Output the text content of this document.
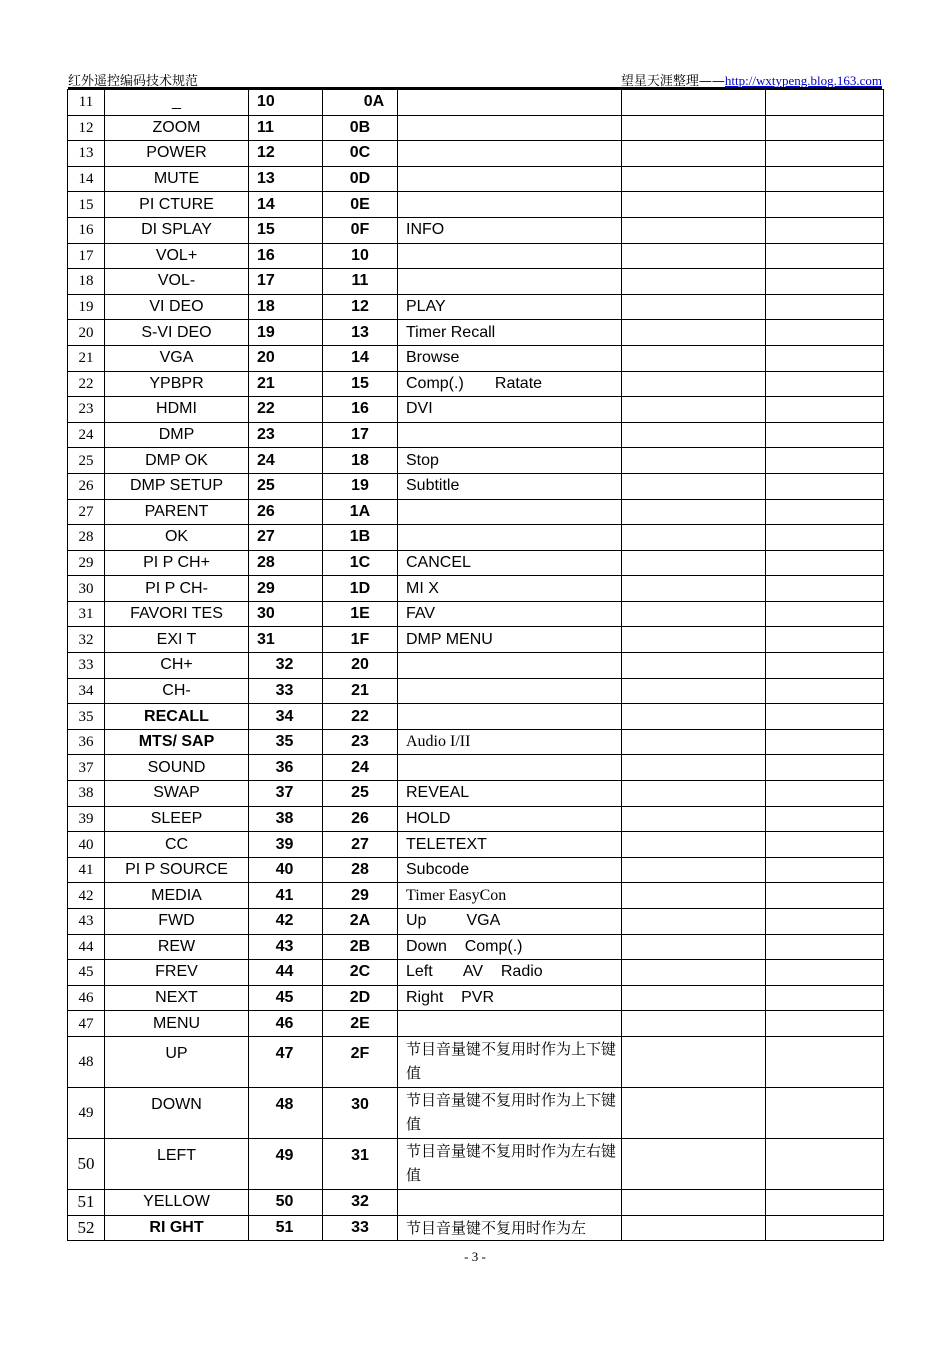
红外遥控编码技术规范	望星天涯整理——http://wxtypeng.blog.163.com
11	_	10	0A			
12	ZOOM	11	0B			
13	POWER	12	0C			
14	MUTE	13	0D			
15	PI CTURE	14	0E			
16	DI SPLAY	15	0F	INFO		
17	VOL+	16	10			
18	VOL-	17	11			
19	VI DEO	18	12	PLAY		
20	S-VI DEO	19	13	Timer Recall		
21	VGA	20	14	Browse		
22	YPBPR	21	15	Comp(.)       Ratate		
23	HDMI	22	16	DVI		
24	DMP	23	17			
25	DMP OK	24	18	Stop		
26	DMP SETUP	25	19	Subtitle		
27	PARENT	26	1A			
28	OK	27	1B			
29	PI P CH+	28	1C	CANCEL		
30	PI P CH-	29	1D	MI X		
31	FAVORI TES	30	1E	FAV		
32	EXI T	31	1F	DMP MENU		
33	CH+	32	20			
34	CH-	33	21			
35	RECALL	34	22			
36	MTS/ SAP	35	23	Audio I/II		
37	SOUND	36	24			
38	SWAP	37	25	REVEAL		
39	SLEEP	38	26	HOLD		
40	CC	39	27	TELETEXT		
41	PI P SOURCE	40	28	Subcode		
42	MEDIA	41	29	Timer EasyCon		
43	FWD	42	2A	Up         VGA		
44	REW	43	2B	Down    Comp(.)		
45	FREV	44	2C	Left       AV    Radio		
46	NEXT	45	2D	Right    PVR		
47	MENU	46	2E			
48	UP	47	2F	节目音量键不复用时作为上下键值		
49	DOWN	48	30	节目音量键不复用时作为上下键值		
50	LEFT	49	31	节目音量键不复用时作为左右键值		
51	YELLOW	50	32			
52	RI GHT	51	33	节目音量键不复用时作为左		
- 3 -
